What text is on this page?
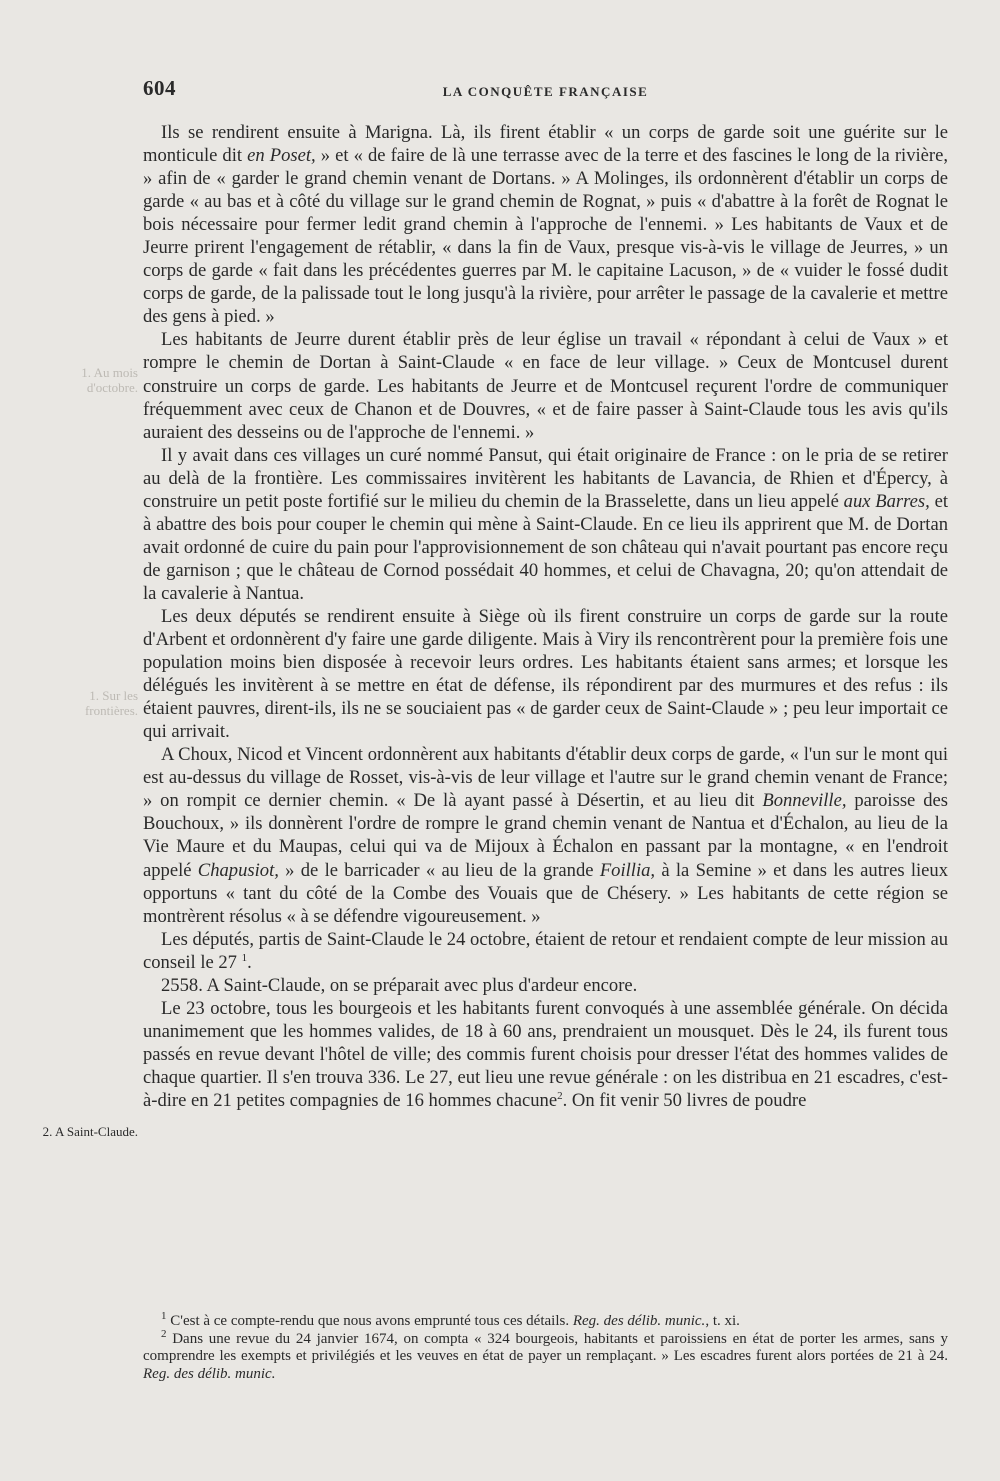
604	LA CONQUÊTE FRANÇAISE
1. Au mois d'octobre.
1. Sur les frontières.
2. A Saint-Claude.

Ils se rendirent ensuite à Marigna. Là, ils firent établir « un corps de garde soit une guérite sur le monticule dit en Poset, » et « de faire de là une terrasse avec de la terre et des fascines le long de la rivière, » afin de « garder le grand chemin venant de Dortans. » A Molinges, ils ordonnèrent d'établir un corps de garde « au bas et à côté du village sur le grand chemin de Rognat, » puis « d'abattre à la forêt de Rognat le bois nécessaire pour fermer ledit grand chemin à l'approche de l'ennemi. » Les habitants de Vaux et de Jeurre prirent l'engagement de rétablir, « dans la fin de Vaux, presque vis-à-vis le village de Jeurres, » un corps de garde « fait dans les précédentes guerres par M. le capitaine Lacuson, » de « vuider le fossé dudit corps de garde, de la palissade tout le long jusqu'à la rivière, pour arrêter le passage de la cavalerie et mettre des gens à pied. »

Les habitants de Jeurre durent établir près de leur église un travail « répondant à celui de Vaux » et rompre le chemin de Dortan à Saint-Claude « en face de leur village. » Ceux de Montcusel durent construire un corps de garde. Les habitants de Jeurre et de Montcusel reçurent l'ordre de communiquer fréquemment avec ceux de Chanon et de Douvres, « et de faire passer à Saint-Claude tous les avis qu'ils auraient des desseins ou de l'approche de l'ennemi. »

Il y avait dans ces villages un curé nommé Pansut, qui était originaire de France : on le pria de se retirer au delà de la frontière. Les commissaires invitèrent les habitants de Lavancia, de Rhien et d'Épercy, à construire un petit poste fortifié sur le milieu du chemin de la Brasselette, dans un lieu appelé aux Barres, et à abattre des bois pour couper le chemin qui mène à Saint-Claude. En ce lieu ils apprirent que M. de Dortan avait ordonné de cuire du pain pour l'approvisionnement de son château qui n'avait pourtant pas encore reçu de garnison ; que le château de Cornod possédait 40 hommes, et celui de Chavagna, 20; qu'on attendait de la cavalerie à Nantua.

Les deux députés se rendirent ensuite à Siège où ils firent construire un corps de garde sur la route d'Arbent et ordonnèrent d'y faire une garde diligente. Mais à Viry ils rencontrèrent pour la première fois une population moins bien disposée à recevoir leurs ordres. Les habitants étaient sans armes; et lorsque les délégués les invitèrent à se mettre en état de défense, ils répondirent par des murmures et des refus : ils étaient pauvres, dirent-ils, ils ne se souciaient pas « de garder ceux de Saint-Claude » ; peu leur importait ce qui arrivait.

A Choux, Nicod et Vincent ordonnèrent aux habitants d'établir deux corps de garde, « l'un sur le mont qui est au-dessus du village de Rosset, vis-à-vis de leur village et l'autre sur le grand chemin venant de France; » on rompit ce dernier chemin. « De là ayant passé à Désertin, et au lieu dit Bonneville, paroisse des Bouchoux, » ils donnèrent l'ordre de rompre le grand chemin venant de Nantua et d'Échalon, au lieu de la Vie Maure et du Maupas, celui qui va de Mijoux à Échalon en passant par la montagne, « en l'endroit appelé Chapusiot, » de le barricader « au lieu de la grande Foillia, à la Semine » et dans les autres lieux opportuns « tant du côté de la Combe des Vouais que de Chésery. » Les habitants de cette région se montrèrent résolus « à se défendre vigoureusement. »

Les députés, partis de Saint-Claude le 24 octobre, étaient de retour et rendaient compte de leur mission au conseil le 27 $^1$.

2558. A Saint-Claude, on se préparait avec plus d'ardeur encore.

Le 23 octobre, tous les bourgeois et les habitants furent convoqués à une assemblée générale. On décida unanimement que les hommes valides, de 18 à 60 ans, prendraient un mousquet. Dès le 24, ils furent tous passés en revue devant l'hôtel de ville; des commis furent choisis pour dresser l'état des hommes valides de chaque quartier. Il s'en trouva 336. Le 27, eut lieu une revue générale : on les distribua en 21 escadres, c'est-à-dire en 21 petites compagnies de 16 hommes chacune$^2$. On fit venir 50 livres de poudre

$^1$ C'est à ce compte-rendu que nous avons emprunté tous ces détails. Reg. des délib. munic., t. xi.

$^2$ Dans une revue du 24 janvier 1674, on compta « 324 bourgeois, habitants et paroissiens en état de porter les armes, sans y comprendre les exempts et privilégiés et les veuves en état de payer un remplaçant. » Les escadres furent alors portées de 21 à 24. Reg. des délib. munic.
